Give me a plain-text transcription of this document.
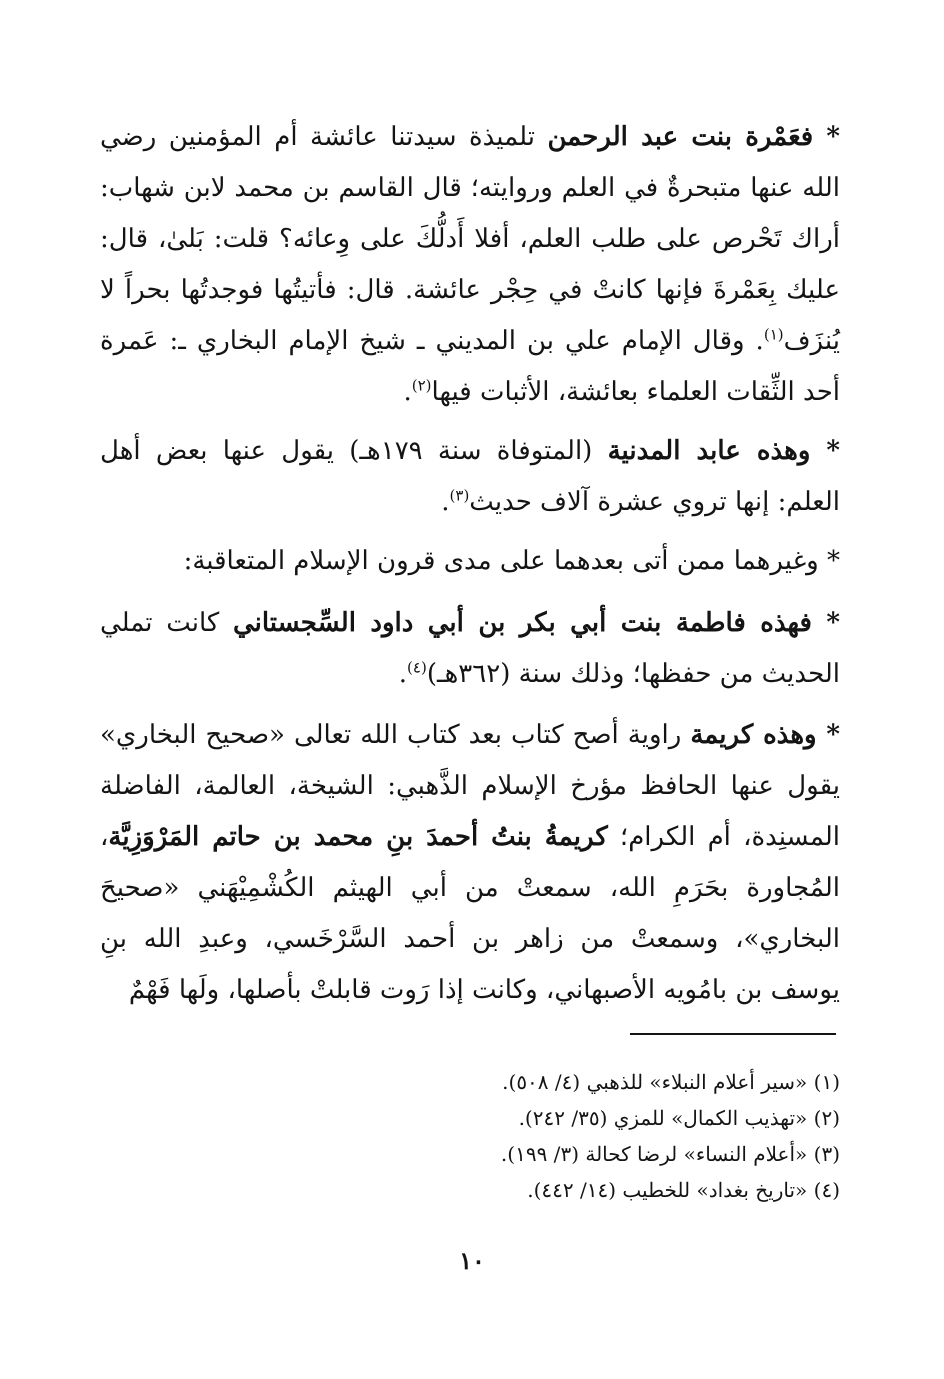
* فعَمْرة بنت عبد الرحمن تلميذة سيدتنا عائشة أم المؤمنين رضي الله عنها متبحرةٌ في العلم وروايته؛ قال القاسم بن محمد لابن شهاب: أراك تَحْرص على طلب العلم، أفلا أَدلُّكَ على وِعائه؟ قلت: بَلىٰ، قال: عليك بِعَمْرةَ فإنها كانتْ في حِجْر عائشة. قال: فأتيتُها فوجدتُها بحراً لا يُنزَف$^{(١)}$. وقال الإمام علي بن المديني ـ شيخ الإمام البخاري ـ: عَمرة أحد الثِّقات العلماء بعائشة، الأثبات فيها$^{(٢)}$.

* وهذه عابد المدنية (المتوفاة سنة ١٧٩هـ) يقول عنها بعض أهل العلم: إنها تروي عشرة آلاف حديث$^{(٣)}$.

* وغيرهما ممن أتى بعدهما على مدى قرون الإسلام المتعاقبة:

* فهذه فاطمة بنت أبي بكر بن أبي داود السِّجستاني كانت تملي الحديث من حفظها؛ وذلك سنة (٣٦٢هـ)$^{(٤)}$.

* وهذه كريمة راوية أصح كتاب بعد كتاب الله تعالى «صحيح البخاري» يقول عنها الحافظ مؤرخ الإسلام الذَّهبي: الشيخة، العالمة، الفاضلة المسنِدة، أم الكرام؛ كريمةُ بنتُ أحمدَ بنِ محمد بن حاتم المَرْوَزِيَّة، المُجاورة بحَرَمِ الله، سمعتْ من أبي الهيثم الكُشْمِيْهَني «صحيحَ البخاري»، وسمعتْ من زاهر بن أحمد السَّرْخَسي، وعبدِ الله بنِ يوسف بن بامُويه الأصبهاني، وكانت إذا رَوت قابلتْ بأصلها، ولَها فَهْمٌ

(١) «سير أعلام النبلاء» للذهبي (٤/ ٥٠٨).
(٢) «تهذيب الكمال» للمزي (٣٥/ ٢٤٢).
(٣) «أعلام النساء» لرضا كحالة (٣/ ١٩٩).
(٤) «تاريخ بغداد» للخطيب (١٤/ ٤٤٢).
١٠
